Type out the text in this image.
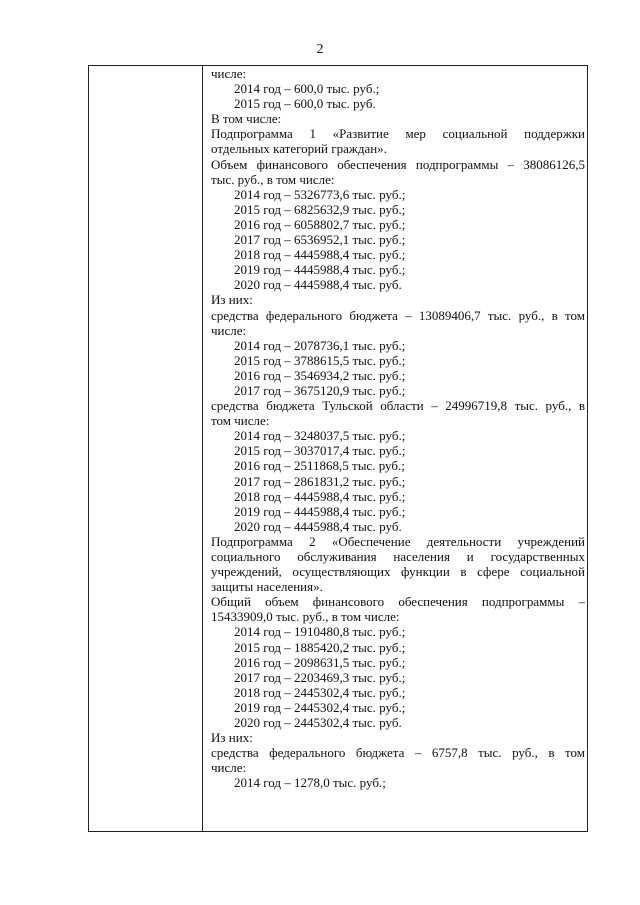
2
числе:
2014 год – 600,0 тыс. руб.;
2015 год – 600,0 тыс. руб.
В том числе:
Подпрограмма 1 «Развитие мер социальной поддержки
отдельных категорий граждан».
Объем финансового обеспечения подпрограммы – 38086126,5
тыс. руб., в том числе:
2014 год – 5326773,6 тыс. руб.;
2015 год – 6825632,9 тыс. руб.;
2016 год – 6058802,7 тыс. руб.;
2017 год – 6536952,1 тыс. руб.;
2018 год – 4445988,4 тыс. руб.;
2019 год – 4445988,4 тыс. руб.;
2020 год – 4445988,4 тыс. руб.
Из них:
средства федерального бюджета – 13089406,7 тыс. руб., в том
числе:
2014 год – 2078736,1 тыс. руб.;
2015 год – 3788615,5 тыс. руб.;
2016 год – 3546934,2 тыс. руб.;
2017 год – 3675120,9 тыс. руб.;
средства бюджета Тульской области – 24996719,8 тыс. руб., в
том числе:
2014 год – 3248037,5 тыс. руб.;
2015 год – 3037017,4 тыс. руб.;
2016 год – 2511868,5 тыс. руб.;
2017 год – 2861831,2 тыс. руб.;
2018 год – 4445988,4 тыс. руб.;
2019 год – 4445988,4 тыс. руб.;
2020 год – 4445988,4 тыс. руб.
Подпрограмма 2 «Обеспечение деятельности учреждений
социального обслуживания населения и государственных
учреждений, осуществляющих функции в сфере социальной
защиты населения».
Общий объем финансового обеспечения подпрограммы –
15433909,0 тыс. руб., в том числе:
2014 год – 1910480,8 тыс. руб.;
2015 год – 1885420,2 тыс. руб.;
2016 год – 2098631,5 тыс. руб.;
2017 год – 2203469,3 тыс. руб.;
2018 год – 2445302,4 тыс. руб.;
2019 год – 2445302,4 тыс. руб.;
2020 год – 2445302,4 тыс. руб.
Из них:
средства федерального бюджета – 6757,8 тыс. руб., в том
числе:
2014 год – 1278,0 тыс. руб.;
